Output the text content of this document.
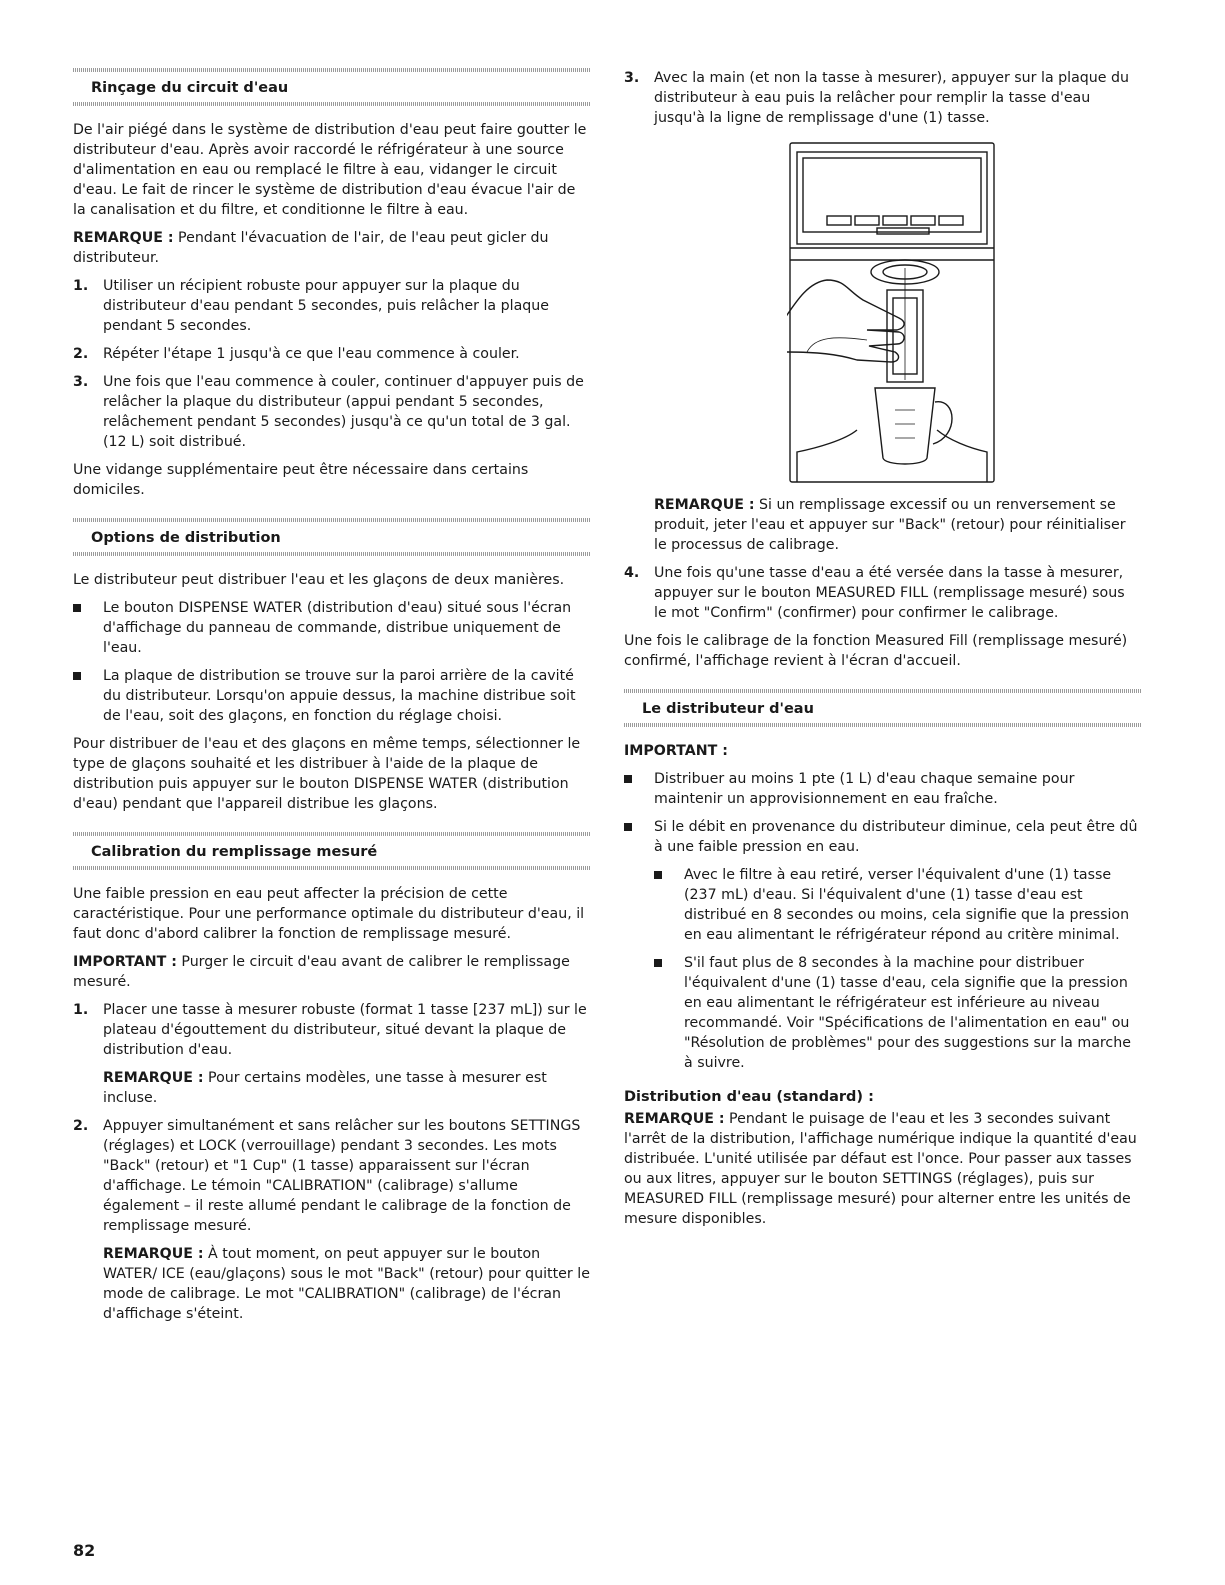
Rinçage du circuit d'eau

De l'air piégé dans le système de distribution d'eau peut faire goutter le distributeur d'eau. Après avoir raccordé le réfrigérateur à une source d'alimentation en eau ou remplacé le filtre à eau, vidanger le circuit d'eau. Le fait de rincer le système de distribution d'eau évacue l'air de la canalisation et du filtre, et conditionne le filtre à eau.

REMARQUE : Pendant l'évacuation de l'air, de l'eau peut gicler du distributeur.

1. Utiliser un récipient robuste pour appuyer sur la plaque du distributeur d'eau pendant 5 secondes, puis relâcher la plaque pendant 5 secondes.
2. Répéter l'étape 1 jusqu'à ce que l'eau commence à couler.
3. Une fois que l'eau commence à couler, continuer d'appuyer puis de relâcher la plaque du distributeur (appui pendant 5 secondes, relâchement pendant 5 secondes) jusqu'à ce qu'un total de 3 gal. (12 L) soit distribué.

Une vidange supplémentaire peut être nécessaire dans certains domiciles.

Options de distribution

Le distributeur peut distribuer l'eau et les glaçons de deux manières.

Le bouton DISPENSE WATER (distribution d'eau) situé sous l'écran d'affichage du panneau de commande, distribue uniquement de l'eau.
La plaque de distribution se trouve sur la paroi arrière de la cavité du distributeur. Lorsqu'on appuie dessus, la machine distribue soit de l'eau, soit des glaçons, en fonction du réglage choisi.

Pour distribuer de l'eau et des glaçons en même temps, sélectionner le type de glaçons souhaité et les distribuer à l'aide de la plaque de distribution puis appuyer sur le bouton DISPENSE WATER (distribution d'eau) pendant que l'appareil distribue les glaçons.

Calibration du remplissage mesuré

Une faible pression en eau peut affecter la précision de cette caractéristique. Pour une performance optimale du distributeur d'eau, il faut donc d'abord calibrer la fonction de remplissage mesuré.

IMPORTANT : Purger le circuit d'eau avant de calibrer le remplissage mesuré.

1. Placer une tasse à mesurer robuste (format 1 tasse [237 mL]) sur le plateau d'égouttement du distributeur, situé devant la plaque de distribution d'eau.

REMARQUE : Pour certains modèles, une tasse à mesurer est incluse.

2. Appuyer simultanément et sans relâcher sur les boutons SETTINGS (réglages) et LOCK (verrouillage) pendant 3 secondes. Les mots "Back" (retour) et "1 Cup" (1 tasse) apparaissent sur l'écran d'affichage. Le témoin "CALIBRATION" (calibrage) s'allume également – il reste allumé pendant le calibrage de la fonction de remplissage mesuré.

REMARQUE : À tout moment, on peut appuyer sur le bouton WATER/ ICE (eau/glaçons) sous le mot "Back" (retour) pour quitter le mode de calibrage. Le mot "CALIBRATION" (calibrage) de l'écran d'affichage s'éteint.

3. Avec la main (et non la tasse à mesurer), appuyer sur la plaque du distributeur à eau puis la relâcher pour remplir la tasse d'eau jusqu'à la ligne de remplissage d'une (1) tasse.

REMARQUE : Si un remplissage excessif ou un renversement se produit, jeter l'eau et appuyer sur "Back" (retour) pour réinitialiser le processus de calibrage.

4. Une fois qu'une tasse d'eau a été versée dans la tasse à mesurer, appuyer sur le bouton MEASURED FILL (remplissage mesuré) sous le mot "Confirm" (confirmer) pour confirmer le calibrage.

Une fois le calibrage de la fonction Measured Fill (remplissage mesuré) confirmé, l'affichage revient à l'écran d'accueil.

Le distributeur d'eau

IMPORTANT :

Distribuer au moins 1 pte (1 L) d'eau chaque semaine pour maintenir un approvisionnement en eau fraîche.
Si le débit en provenance du distributeur diminue, cela peut être dû à une faible pression en eau.
Avec le filtre à eau retiré, verser l'équivalent d'une (1) tasse (237 mL) d'eau. Si l'équivalent d'une (1) tasse d'eau est distribué en 8 secondes ou moins, cela signifie que la pression en eau alimentant le réfrigérateur répond au critère minimal.
S'il faut plus de 8 secondes à la machine pour distribuer l'équivalent d'une (1) tasse d'eau, cela signifie que la pression en eau alimentant le réfrigérateur est inférieure au niveau recommandé. Voir "Spécifications de l'alimentation en eau" ou "Résolution de problèmes" pour des suggestions sur la marche à suivre.
Distribution d'eau (standard) :

REMARQUE : Pendant le puisage de l'eau et les 3 secondes suivant l'arrêt de la distribution, l'affichage numérique indique la quantité d'eau distribuée. L'unité utilisée par défaut est l'once. Pour passer aux tasses ou aux litres, appuyer sur le bouton SETTINGS (réglages), puis sur MEASURED FILL (remplissage mesuré) pour alterner entre les unités de mesure disponibles.

82
